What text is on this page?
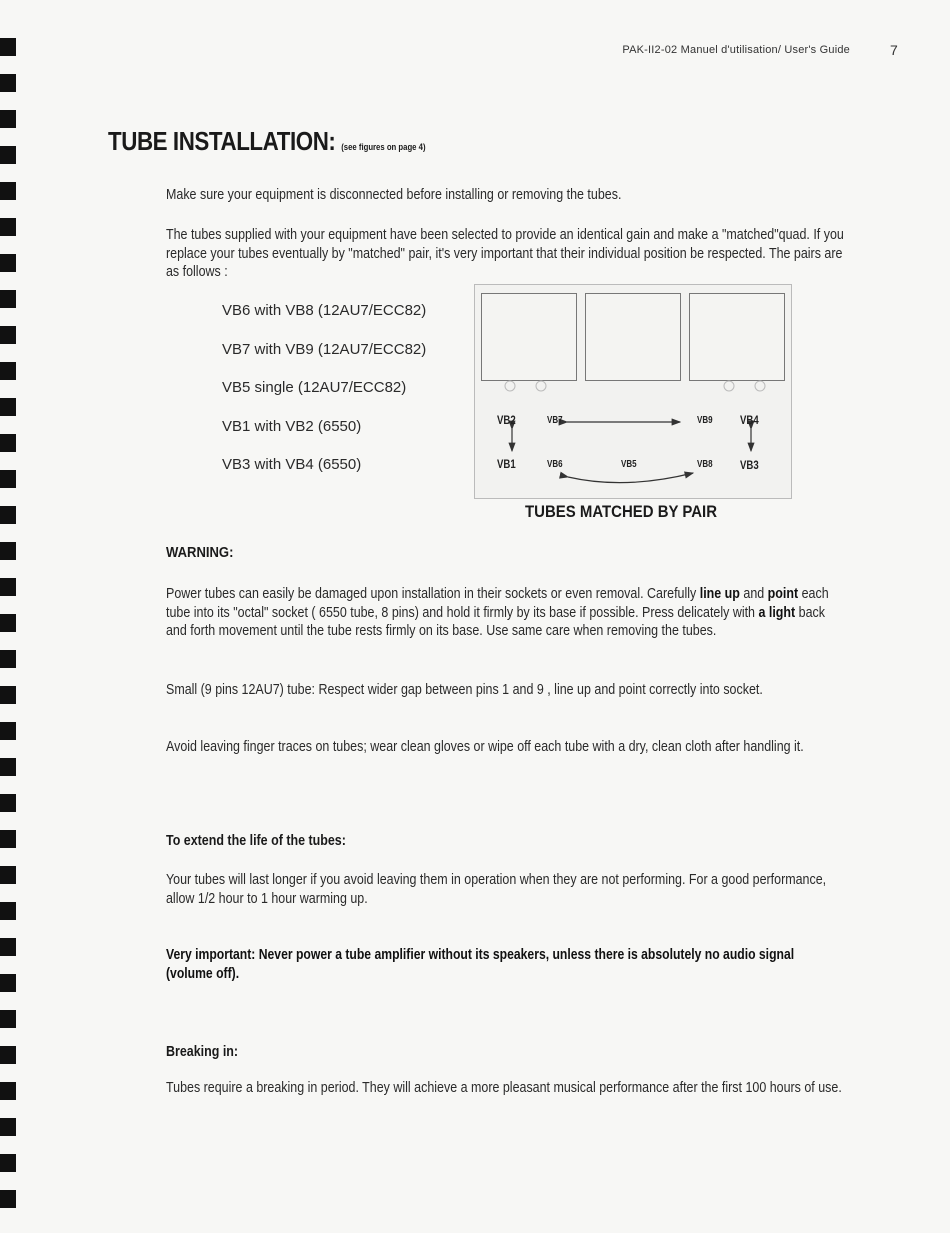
PAK-II2-02 Manuel d'utilisation/ User's Guide	7
TUBE INSTALLATION: (see figures on page 4)
Make sure your equipment is disconnected before installing or removing the tubes.
The tubes supplied with your equipment have been selected to provide an identical gain and make a "matched"quad. If you replace your tubes eventually by "matched" pair, it's very important that their individual position be respected. The pairs are as follows :
VB6 with VB8 (12AU7/ECC82)
VB7 with VB9 (12AU7/ECC82)
VB5 single (12AU7/ECC82)
VB1 with VB2 (6550)
VB3 with VB4 (6550)
VB2	VB7	VB9 VB4
VB1	VB6	VB5	VB8 VB3
TUBES MATCHED BY PAIR
WARNING:
Power tubes can easily be damaged upon installation in their sockets or even removal. Carefully line up and point each tube into its "octal" socket ( 6550 tube, 8 pins) and hold it firmly by its base if possible. Press delicately with a light back and forth movement until the tube rests firmly on its base. Use same care when removing the tubes.
Small (9 pins 12AU7) tube: Respect wider gap between pins 1 and 9 , line up and point correctly into socket.
Avoid leaving finger traces on tubes; wear clean gloves or wipe off each tube with a dry, clean cloth after handling it.
To extend the life of the tubes:
Your tubes will last longer if you avoid leaving them in operation when they are not performing. For a good performance, allow 1/2 hour to 1 hour warming up.
Very important: Never power a tube amplifier without its speakers, unless there is absolutely no audio signal (volume off).
Breaking in:
Tubes require a breaking in period. They will achieve a more pleasant musical performance after the first 100 hours of use.
